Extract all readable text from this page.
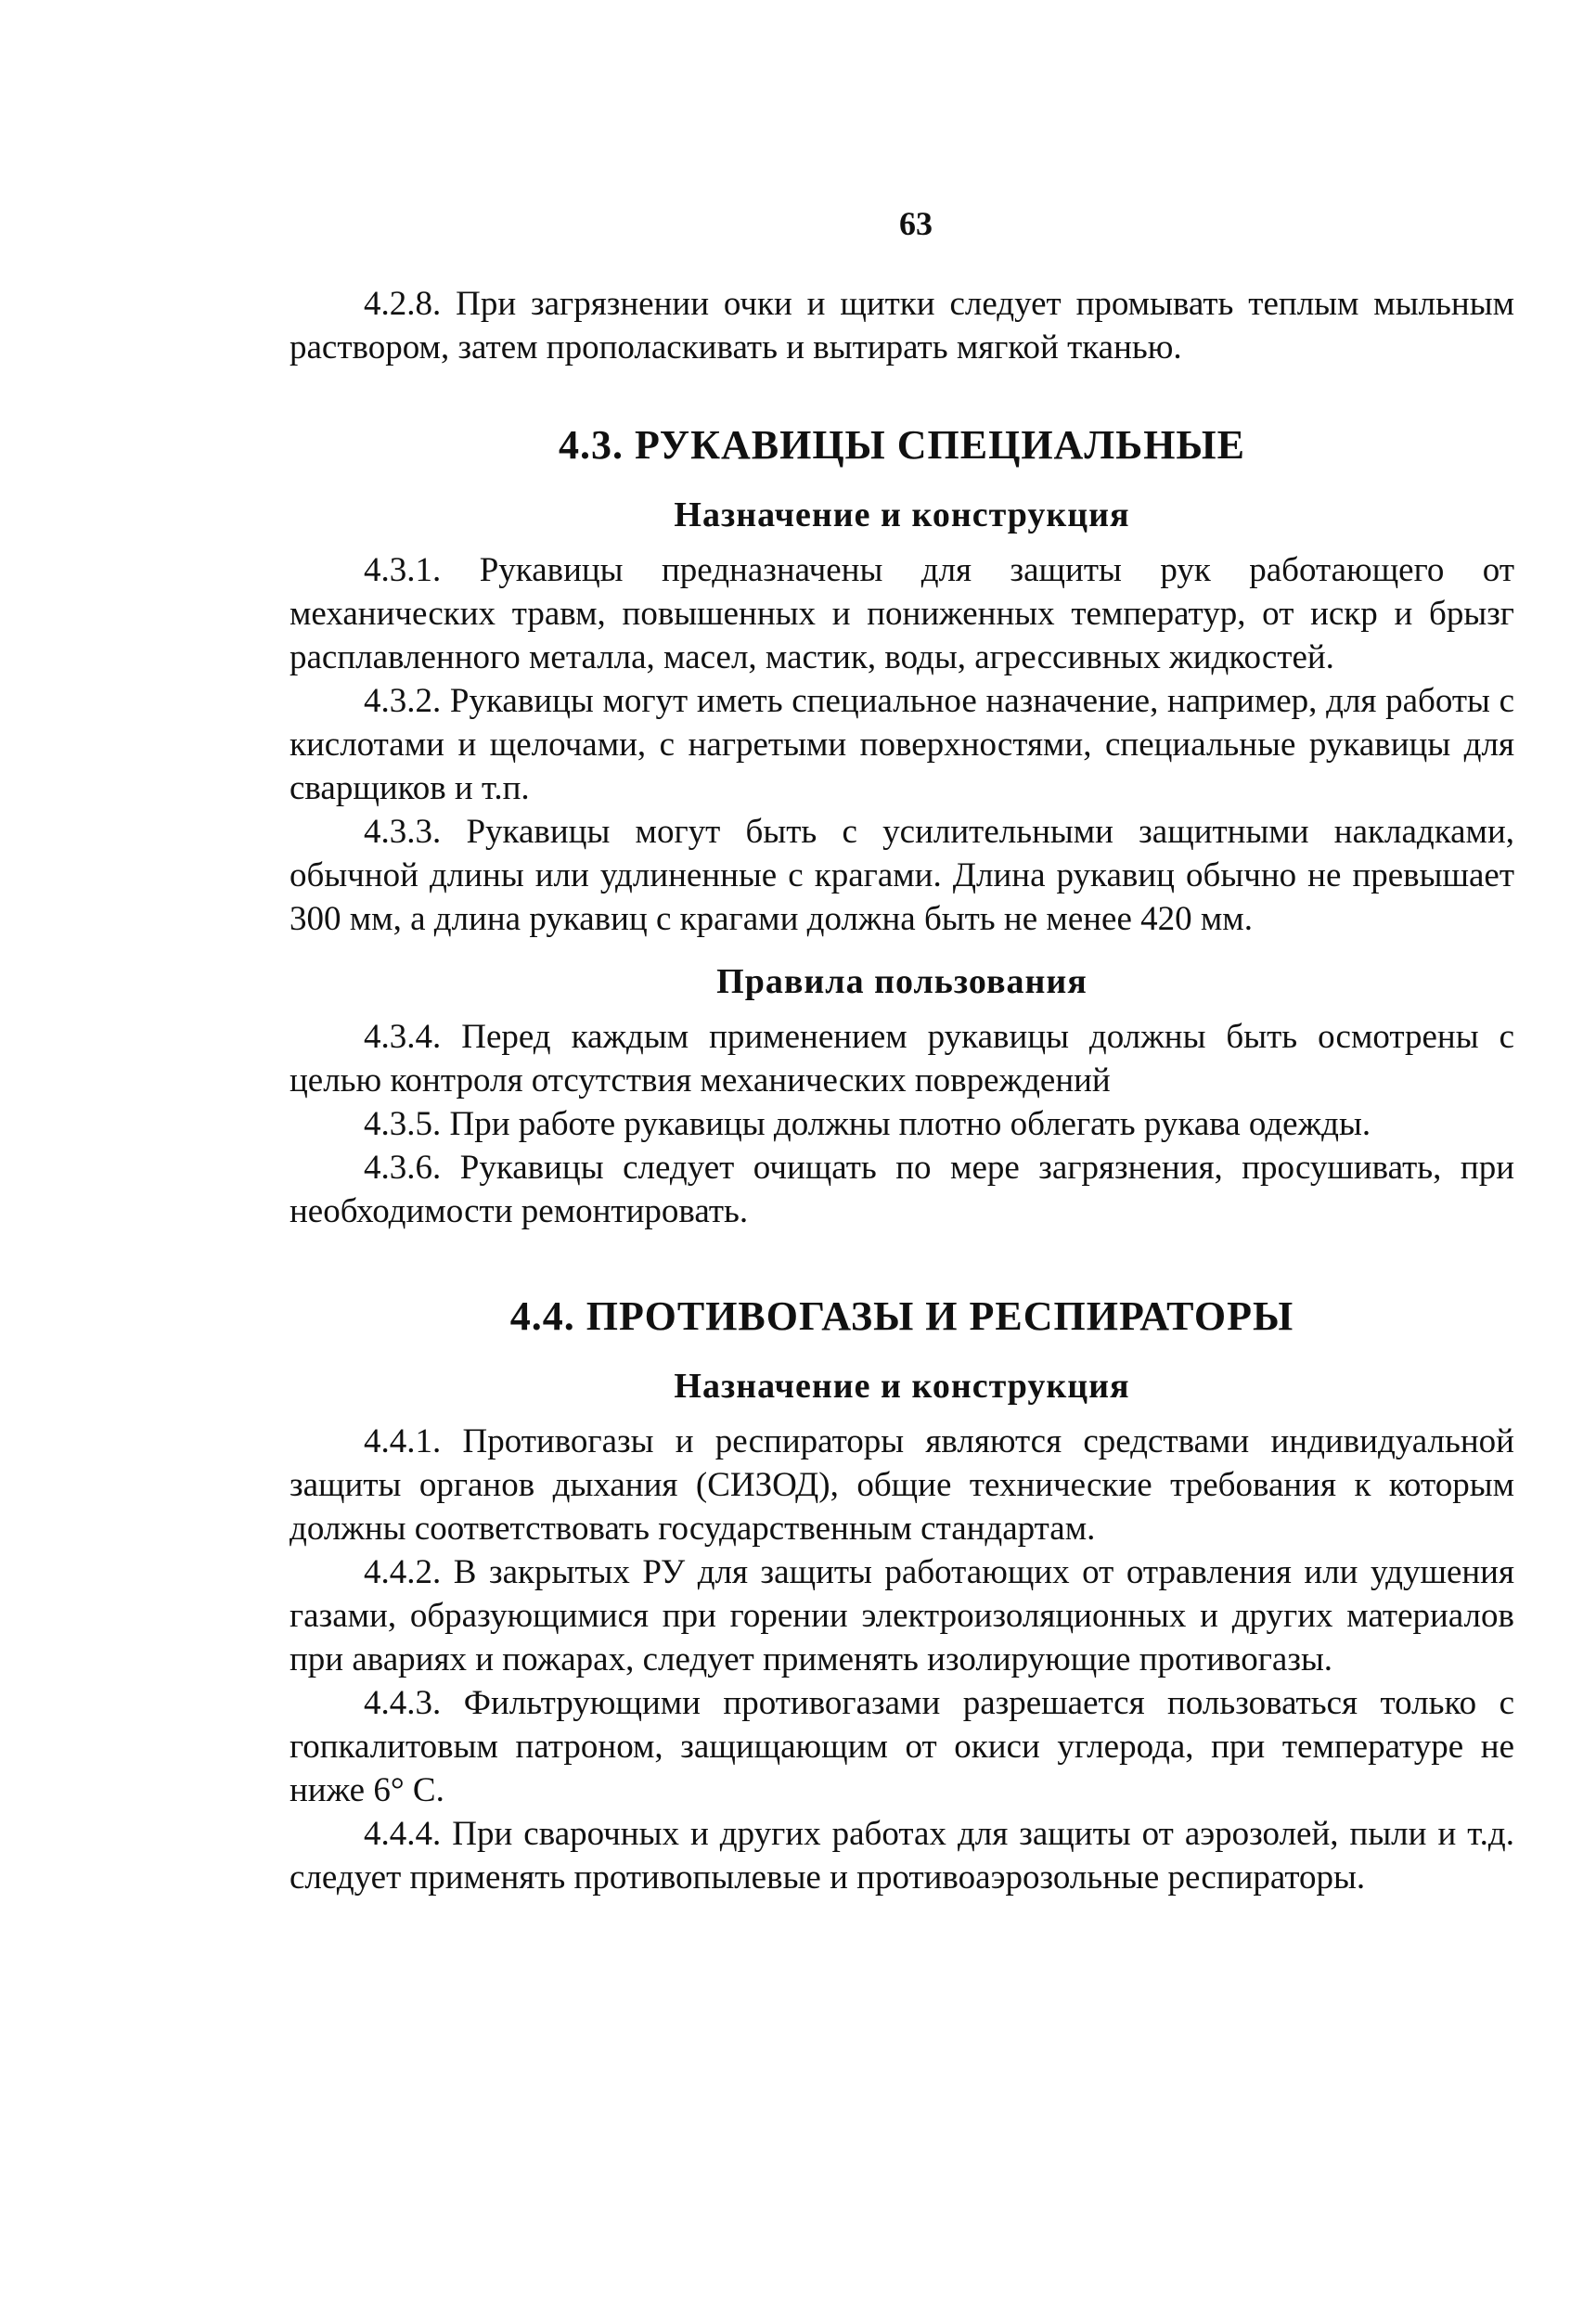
63

4.2.8. При загрязнении очки и щитки следует промывать теплым мыльным раствором, затем прополаскивать и вытирать мягкой тканью.

4.3. РУКАВИЦЫ СПЕЦИАЛЬНЫЕ
Назначение и конструкция

4.3.1. Рукавицы предназначены для защиты рук работающего от механических травм, повышенных и пониженных температур, от искр и брызг расплавленного металла, масел, мастик, воды, агрессивных жидкостей.

4.3.2. Рукавицы могут иметь специальное назначение, например, для работы с кислотами и щелочами, с нагретыми поверхностями, специальные рукавицы для сварщиков и т.п.

4.3.3. Рукавицы могут быть с усилительными защитными накладками, обычной длины или удлиненные с крагами. Длина рукавиц обычно не превышает 300 мм, а длина рукавиц с крагами должна быть не менее 420 мм.

Правила пользования

4.3.4. Перед каждым применением рукавицы должны быть осмотрены с целью контроля отсутствия механических повреждений

4.3.5. При работе рукавицы должны плотно облегать рукава одежды.

4.3.6. Рукавицы следует очищать по мере загрязнения, просушивать, при необходимости ремонтировать.

4.4. ПРОТИВОГАЗЫ И РЕСПИРАТОРЫ
Назначение и конструкция

4.4.1. Противогазы и респираторы являются средствами индивидуальной защиты органов дыхания (СИЗОД), общие технические требования к которым должны соответствовать государственным стандартам.

4.4.2. В закрытых РУ для защиты работающих от отравления или удушения газами, образующимися при горении электроизоляционных и других материалов при авариях и пожарах, следует применять изолирующие противогазы.

4.4.3. Фильтрующими противогазами разрешается пользоваться только с гопкалитовым патроном, защищающим от окиси углерода, при температуре не ниже 6° С.

4.4.4. При сварочных и других работах для защиты от аэрозолей, пыли и т.д. следует применять противопылевые и противоаэрозольные респираторы.
